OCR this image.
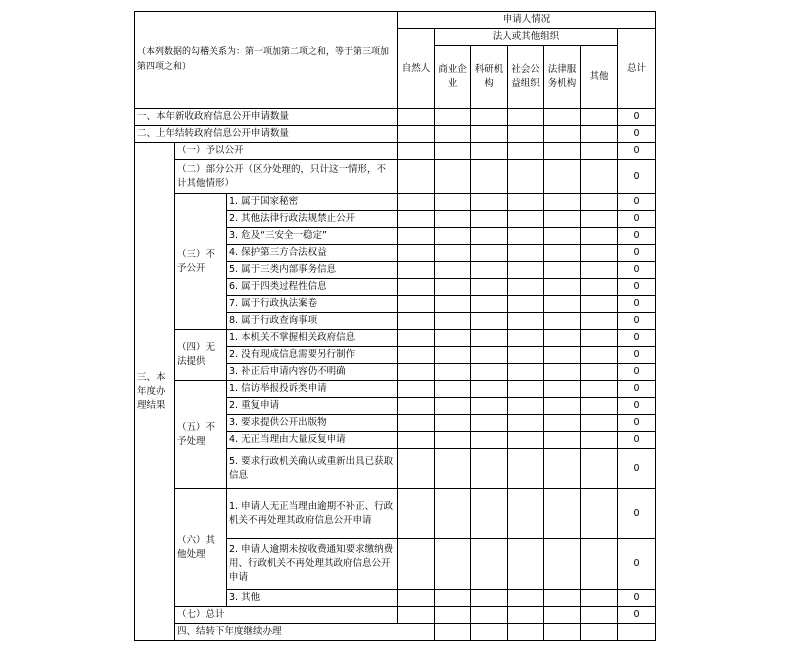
（本列数据的勾稽关系为：第一项加第二项之和，等于第三项加第四项之和）			申请人情况							
			自然人	法人或其他组织					总计	
				商业企业	科研机构	社会公益组织	法律服务机构	其他		

一、本年新收政府信息公开申请数量									0	
二、上年结转政府信息公开申请数量									0	
三、本年度办理结果	（一）予以公开								0	
	（二）部分公开（区分处理的，只计这一情形，不计其他情形）								0	
	（三）不予公开	1. 属于国家秘密							0	
		2. 其他法律行政法规禁止公开							0	
		3. 危及“三安全一稳定”							0	
		4. 保护第三方合法权益							0	
		5. 属于三类内部事务信息							0	
		6. 属于四类过程性信息							0	
		7. 属于行政执法案卷							0	
		8. 属于行政查询事项							0	
	（四）无法提供	1. 本机关不掌握相关政府信息							0	
		2. 没有现成信息需要另行制作							0	
		3. 补正后申请内容仍不明确							0	
	（五）不予处理	1. 信访举报投诉类申请							0	
		2. 重复申请							0	
		3. 要求提供公开出版物							0	
		4. 无正当理由大量反复申请							0	
		5. 要求行政机关确认或重新出具已获取信息							0	
	（六）其他处理	1. 申请人无正当理由逾期不补正、行政机关不再处理其政府信息公开申请							0	
		2. 申请人逾期未按收费通知要求缴纳费用、行政机关不再处理其政府信息公开申请							0	
		3. 其他							0	
	（七）总计								0	
	四、结转下年度继续办理							
